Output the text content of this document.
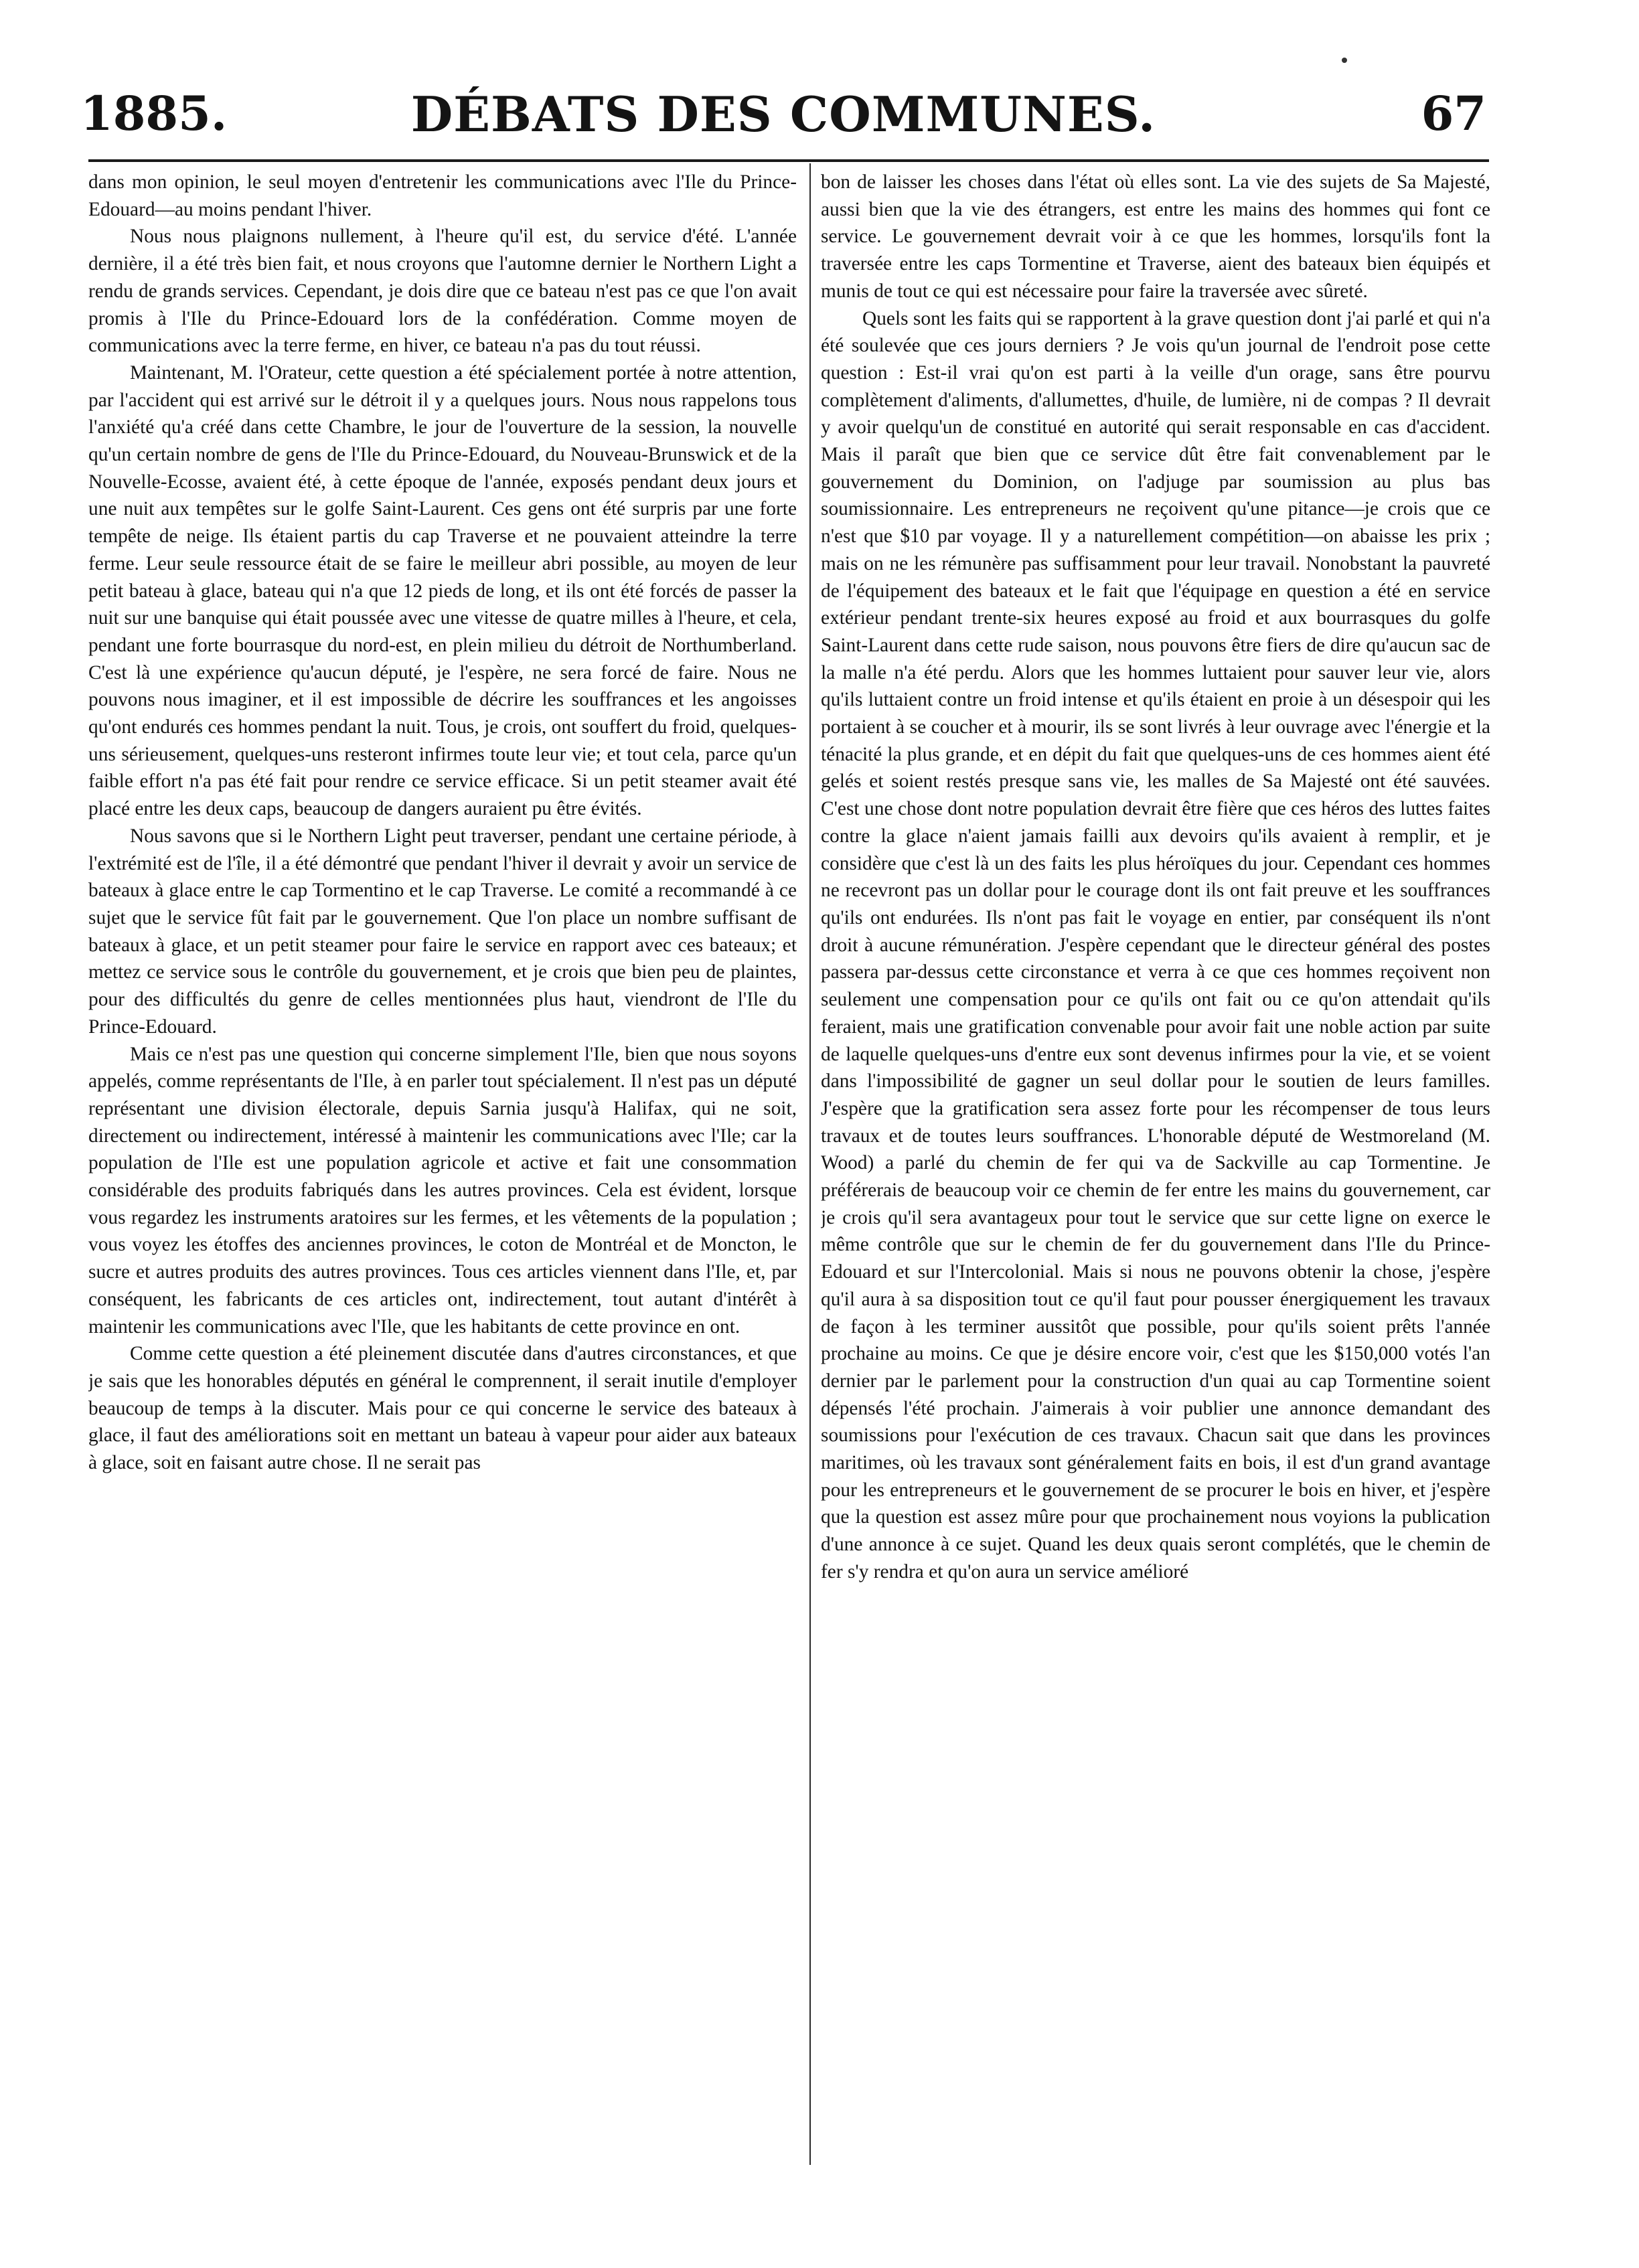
1885.	DÉBATS DES COMMUNES.	67

dans mon opinion, le seul moyen d'entretenir les communications avec l'Ile du Prince-Edouard—au moins pendant l'hiver.

Nous nous plaignons nullement, à l'heure qu'il est, du service d'été. L'année dernière, il a été très bien fait, et nous croyons que l'automne dernier le Northern Light a rendu de grands services. Cependant, je dois dire que ce bateau n'est pas ce que l'on avait promis à l'Ile du Prince-Edouard lors de la confédération. Comme moyen de communications avec la terre ferme, en hiver, ce bateau n'a pas du tout réussi.

Maintenant, M. l'Orateur, cette question a été spécialement portée à notre attention, par l'accident qui est arrivé sur le détroit il y a quelques jours. Nous nous rappelons tous l'anxiété qu'a créé dans cette Chambre, le jour de l'ouverture de la session, la nouvelle qu'un certain nombre de gens de l'Ile du Prince-Edouard, du Nouveau-Brunswick et de la Nouvelle-Ecosse, avaient été, à cette époque de l'année, exposés pendant deux jours et une nuit aux tempêtes sur le golfe Saint-Laurent. Ces gens ont été surpris par une forte tempête de neige. Ils étaient partis du cap Traverse et ne pouvaient atteindre la terre ferme. Leur seule ressource était de se faire le meilleur abri possible, au moyen de leur petit bateau à glace, bateau qui n'a que 12 pieds de long, et ils ont été forcés de passer la nuit sur une banquise qui était poussée avec une vitesse de quatre milles à l'heure, et cela, pendant une forte bourrasque du nord-est, en plein milieu du détroit de Northumberland. C'est là une expérience qu'aucun député, je l'espère, ne sera forcé de faire. Nous ne pouvons nous imaginer, et il est impossible de décrire les souffrances et les angoisses qu'ont endurés ces hommes pendant la nuit. Tous, je crois, ont souffert du froid, quelques-uns sérieusement, quelques-uns resteront infirmes toute leur vie; et tout cela, parce qu'un faible effort n'a pas été fait pour rendre ce service efficace. Si un petit steamer avait été placé entre les deux caps, beaucoup de dangers auraient pu être évités.

Nous savons que si le Northern Light peut traverser, pendant une certaine période, à l'extrémité est de l'île, il a été démontré que pendant l'hiver il devrait y avoir un service de bateaux à glace entre le cap Tormentino et le cap Traverse. Le comité a recommandé à ce sujet que le service fût fait par le gouvernement. Que l'on place un nombre suffisant de bateaux à glace, et un petit steamer pour faire le service en rapport avec ces bateaux; et mettez ce service sous le contrôle du gouvernement, et je crois que bien peu de plaintes, pour des difficultés du genre de celles mentionnées plus haut, viendront de l'Ile du Prince-Edouard.

Mais ce n'est pas une question qui concerne simplement l'Ile, bien que nous soyons appelés, comme représentants de l'Ile, à en parler tout spécialement. Il n'est pas un député représentant une division électorale, depuis Sarnia jusqu'à Halifax, qui ne soit, directement ou indirectement, intéressé à maintenir les communications avec l'Ile; car la population de l'Ile est une population agricole et active et fait une consommation considérable des produits fabriqués dans les autres provinces. Cela est évident, lorsque vous regardez les instruments aratoires sur les fermes, et les vêtements de la population ; vous voyez les étoffes des anciennes provinces, le coton de Montréal et de Moncton, le sucre et autres produits des autres provinces. Tous ces articles viennent dans l'Ile, et, par conséquent, les fabricants de ces articles ont, indirectement, tout autant d'intérêt à maintenir les communications avec l'Ile, que les habitants de cette province en ont.

Comme cette question a été pleinement discutée dans d'autres circonstances, et que je sais que les honorables députés en général le comprennent, il serait inutile d'employer beaucoup de temps à la discuter. Mais pour ce qui concerne le service des bateaux à glace, il faut des améliorations soit en mettant un bateau à vapeur pour aider aux bateaux à glace, soit en faisant autre chose. Il ne serait pas

bon de laisser les choses dans l'état où elles sont. La vie des sujets de Sa Majesté, aussi bien que la vie des étrangers, est entre les mains des hommes qui font ce service. Le gouvernement devrait voir à ce que les hommes, lorsqu'ils font la traversée entre les caps Tormentine et Traverse, aient des bateaux bien équipés et munis de tout ce qui est nécessaire pour faire la traversée avec sûreté.

Quels sont les faits qui se rapportent à la grave question dont j'ai parlé et qui n'a été soulevée que ces jours derniers ? Je vois qu'un journal de l'endroit pose cette question : Est-il vrai qu'on est parti à la veille d'un orage, sans être pourvu complètement d'aliments, d'allumettes, d'huile, de lumière, ni de compas ? Il devrait y avoir quelqu'un de constitué en autorité qui serait responsable en cas d'accident. Mais il paraît que bien que ce service dût être fait convenablement par le gouvernement du Dominion, on l'adjuge par soumission au plus bas soumissionnaire. Les entrepreneurs ne reçoivent qu'une pitance—je crois que ce n'est que $10 par voyage. Il y a naturellement compétition—on abaisse les prix ; mais on ne les rémunère pas suffisamment pour leur travail. Nonobstant la pauvreté de l'équipement des bateaux et le fait que l'équipage en question a été en service extérieur pendant trente-six heures exposé au froid et aux bourrasques du golfe Saint-Laurent dans cette rude saison, nous pouvons être fiers de dire qu'aucun sac de la malle n'a été perdu. Alors que les hommes luttaient pour sauver leur vie, alors qu'ils luttaient contre un froid intense et qu'ils étaient en proie à un désespoir qui les portaient à se coucher et à mourir, ils se sont livrés à leur ouvrage avec l'énergie et la ténacité la plus grande, et en dépit du fait que quelques-uns de ces hommes aient été gelés et soient restés presque sans vie, les malles de Sa Majesté ont été sauvées. C'est une chose dont notre population devrait être fière que ces héros des luttes faites contre la glace n'aient jamais failli aux devoirs qu'ils avaient à remplir, et je considère que c'est là un des faits les plus héroïques du jour. Cependant ces hommes ne recevront pas un dollar pour le courage dont ils ont fait preuve et les souffrances qu'ils ont endurées. Ils n'ont pas fait le voyage en entier, par conséquent ils n'ont droit à aucune rémunération. J'espère cependant que le directeur général des postes passera par-dessus cette circonstance et verra à ce que ces hommes reçoivent non seulement une compensation pour ce qu'ils ont fait ou ce qu'on attendait qu'ils feraient, mais une gratification convenable pour avoir fait une noble action par suite de laquelle quelques-uns d'entre eux sont devenus infirmes pour la vie, et se voient dans l'impossibilité de gagner un seul dollar pour le soutien de leurs familles. J'espère que la gratification sera assez forte pour les récompenser de tous leurs travaux et de toutes leurs souffrances. L'honorable député de Westmoreland (M. Wood) a parlé du chemin de fer qui va de Sackville au cap Tormentine. Je préférerais de beaucoup voir ce chemin de fer entre les mains du gouvernement, car je crois qu'il sera avantageux pour tout le service que sur cette ligne on exerce le même contrôle que sur le chemin de fer du gouvernement dans l'Ile du Prince-Edouard et sur l'Intercolonial. Mais si nous ne pouvons obtenir la chose, j'espère qu'il aura à sa disposition tout ce qu'il faut pour pousser énergiquement les travaux de façon à les terminer aussitôt que possible, pour qu'ils soient prêts l'année prochaine au moins. Ce que je désire encore voir, c'est que les $150,000 votés l'an dernier par le parlement pour la construction d'un quai au cap Tormentine soient dépensés l'été prochain. J'aimerais à voir publier une annonce demandant des soumissions pour l'exécution de ces travaux. Chacun sait que dans les provinces maritimes, où les travaux sont généralement faits en bois, il est d'un grand avantage pour les entrepreneurs et le gouvernement de se procurer le bois en hiver, et j'espère que la question est assez mûre pour que prochainement nous voyions la publication d'une annonce à ce sujet. Quand les deux quais seront complétés, que le chemin de fer s'y rendra et qu'on aura un service amélioré
